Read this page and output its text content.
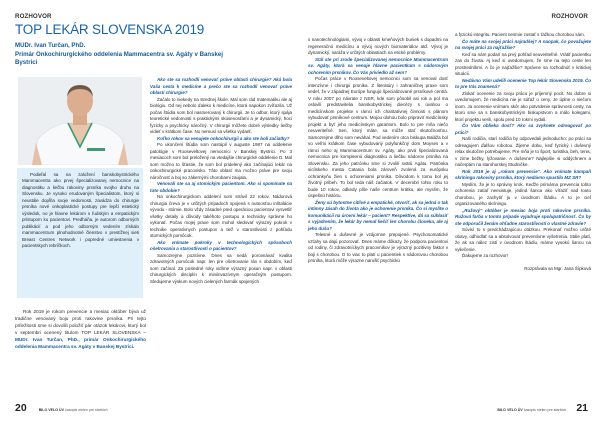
ROZHOVOR
TOP LEKÁR SLOVENSKA 2019
MUDr. Ivan Turčan, PhD.
Primár Onkochirurgického oddelenia Mammacentra sv. Agáty v Banskej
Bystrici

Podieľal sa na založení banskobystrického Mammacentra ako prvej špecializovanej nemocnice na diagnostiku a liečbu rakoviny prsníka svojho druhu na Slovensku. Je vysoko erudovaným špecialistom, ktorý si neustále dopĺňa svoje vedomosti, zavádza do chirurgie prsníka nové onkoplastické postupy pre lepší estetický výsledok, no je hlavne lekárom s ľudským a empatickým prístupom ku pacientovi. Predháňa, je autorom odborných publikácií a pod jeho odborným vedením získalo mammacentrum plnohodnotné členstvo v prestížnej sieti Breast Centres Network i popredné umiestnenia v pacientskych rebríčkoch.

Rok 2019 je rokom prevencie a mesiac október býva už tradične venovaný boju proti rakovine prsníka. Pri tejto príležitosti sme si dovolili položiť pár otázok lekárovi, ktorý bol v septembri ocenený titulom TOP LEKÁR SLOVENSKA – MUDr. Ivan Turčan, PhD., primár Onkochirurgického oddelenia Mammacentra sv. Agáty v Banskej Bystrici.

Ako ste sa rozhodli venovať práve oblasti chirurgie? Aká bola Vaša cesta k medicíne a prečo ste sa rozhodli venovať práve oblasti chirurgie?

Začalo to niekedy na strednej škole. Mal som rád matematiku ale aj biológiu. Od nej nebolo ďaleko k medicíne, ktorá napokon zvíťazila. Už počas štúdia som bol nasmerovaný k chirurgii. Je to odbor, ktorý spája teoretické vedomosti s praktickými skúsenosťami a je dynamický, hoci fyzicky a psychicky náročný. V chirurgii môžete dobré výsledky liečby vidieť v krátkom čase. No nemusí sa všetko vydariť.

Koľko rokov sa venujete onkochirurgii a ako ste boli začiatky?

Po ukončení štúdia som nastúpil v auguste 1987 na oddelenie patológie v Rooseveltovej nemocnici v Banskej Bystrici. Po 3 mesiacoch som bol preložený na vtedajšie chirurgické oddelenie D. Mal som možno to šťastie, že som bol pridelený ako začínajúci lekár na onkochirurgické pracovisko. Táto oblasť ma možno práve pre svoju náročnosť a boj so zákernými chorobami zaujala.

Venovali ste sa aj stomickým pacientom. Ako si spomínate na toto obdobie?

Na onkochirurgickom oddelení som strávil 22 rokov. Nádorová chirurgia čreva je v určitých prípadoch spojená s nutnosťou inštalácie vývodu - stómie. Bolo vždy zásadné pred operáciou pacientovi vysvetliť všetky detaily a dôvody takéhoto postupu a technicky správne ho vykonať. Počas mojej praxe som mohol sledovať výrazný pokrok v technike operatívnych postupov a tiež v starostlivosti z pohľadu stomických pomôcok.

Ako vnímate pokroky v technologických spôsoboch ošetrovania a starostlivosti o pacientov?

Samozrejme pozitívne. Dnes sa nedá porovnávať kvalita zdravotných pomôcok napr. len pre ošetrovanie rán s obdobím, keď som začínal. Za posledné roky vidíme výrazný posun napr. v oblasti chirurgických disciplín k miniinvazívnym operačným postupom. Sledujeme výskum nových cielených farmák spojených

20	BILO VELO ÚV časopis nielen pre starších
ROZHOVOR

s nanotechnológiami, vývoj v oblasti kmeňových buniek s dopadmi na regeneračnú medicínu a vývoj nových biomateriálov atď. Vývoj je dynamický, naráža v určitých oblastiach na etické problémy.

Stál ste pri zrode špecializovanej nemocnice Mammacentrum sv. Agáty, ktorá sa venuje hlavne pacientkam s nádorovým ochorením prsníkov. Čo Vás priviedlo až sem?

Počas práce v Rooseveltovej nemocnici som sa venoval dosť intenzívne i chirurgii prsníka. Z literatúry i zahraničnej praxe som vedel, že v západnej Európe fungujú špecializované prsníkové centrá. V roku 2007 po návrate z NSR, kde som pôsobil asi rok a pol ma oslovili predstavitelia banskobystrickej diecézy s úvahou o medicínskom projekte v rámci ich charitatívnej činnosti s plánom vybudovať prsníkové centrum. Mojou úlohou bolo pripraviť medicínsky projekt a byť jeho medicínskym garantom. Bolo to pre mňa niečo neuveriteľné. Sen, ktorý máte, sa môže stať skutočnosťou. Samozrejme dlho som neváhal. Pod vedením otca biskupa Baláža bol vo veľmi krátkom čase vybudovaný polyfunkčný dom Moyses a v rámci neho aj Mammacentrum sv. Agáty, ako prvá špecializovaná nemocnica pre komplexnú diagnostiku a liečbu nádorov prsníka na Slovensku. Za jeho patrónku sme si zvolili svätú Agátu. Patrónka sicílskeho mesta Catania bola zároveň zvolená za európsku ochrankyňu žien s ochoreniami prsníka. Dôvodom k tomu bol jej životný príbeh. To bol teda náš začiatok. V decembri tohto roku to bude 10 rokov, odkedy píše naše centrum krátku, ale myslím, že úspešnú históriu.

Ženy sú bytostne citlivé a empatické, otvoriť, ak sa jedná o tak intímny zásah do života ako je ochorenie prsníka. Čo si myslíte o komunikácii na úrovni lekár – pacient? Respektíve, dá sa súhlasiť s vyjadrením, že lekár by nemal liečiť len chorobu človeka, ale aj jeho dušu?

Telesné a duševné je vzájomne prepojené. Psychosomatické vzťahy sa dajú pozorovať. Dnes máme dôkazy, že podpora pacientovi od rodiny, či zdravotníckych pracovníkov je výrazný pozitívny faktor v boji s chorobou. O to viac to platí u pacientiek s nádorovou chorobou prsníka, ktorá môže výrazne narušiť psychickú

a fyzickú integritu. Pacient nesmie zostať s ťažkou chorobou sám.

Čo máte na svojej práci najradšej? A naopak, čo považujete na svojej práci za najťažšie?

Keď sa nám podarí na prvý pohľad neuveriteľné. Vrátiť pacientku zas do života. Aj keď si uvedomujem, že sme na tejto ceste len prostredníkmi. A čo je najťažšie? Správne sa rozhodnúť v kritickej situácii.

Nedávno Vám udelili ocenenie Top lekár Slovenska 2019. Čo to pre Vás znamená?

Získať ocenenie za svoju prácu je príjemný pocit. No dobre si uvedomujem, že medicína nie je súťaž o ceny. Je úplne o niečom inom. Ja ocenenie vnímam skôr ako potvrdenie správnosti cesty, na ktorú sme sa s banskobystrickým biskupstvom a málo kolegami, ktorí projektu verili, spolu pred 10 rokmi vydali.

Čo Vám oblieka dosť? Ako sa zvyknete odreagovať po práci?

Naši rodičia, starí rodičia by odpovedali jednoducho: po práci sa odreagujem ďalšou robotou. Žijeme dobu, keď fyzický i duševný relax skutočne potrebujeme. Pre mňa je to šport, turistika, beh, tenis, v zime bežky, lyžovanie. A duševne? Najlepšie si oddýchnem a načerpám na starohorskej Studničke.

Rok 2019 je aj „rokom prevencie". Ako vnímate kampaň skríningu rakoviny prsníka, ktorý nedávno spustilo MZ SR?

Myslím, že je to správny krok. Keďže primárna prevencia tohto ochorenia zatiaľ neexistuje, jediná šanca ako víťaziť nad touto chorobou, je zachytiť ju v úvodnom štádiu. A to je cieľ organizovaného skríningu.

„Ružový" október je mesiac boja proti rakovine prsníka. Ružová farba v tomto prípade vyjadruje spolupatričnosť. Čo by ste odporučil ženám ohľadne starostlivosti o vlastné zdravie?

Súvisí to s predchádzajúcou otázkou. Prekonať možno určité obavy, odhodlať sa a absolvovať preventívne vyšetrenia. Stále platí, že ak sa nález zistí v úvodnom štádiu, máme vysokú šancu na vyliečenie.

Ďakujeme za rozhovor!

Rozprávala sa Mgr. Jana Šípková

BILO VELO ÚV časopis nielen pre starších 21
